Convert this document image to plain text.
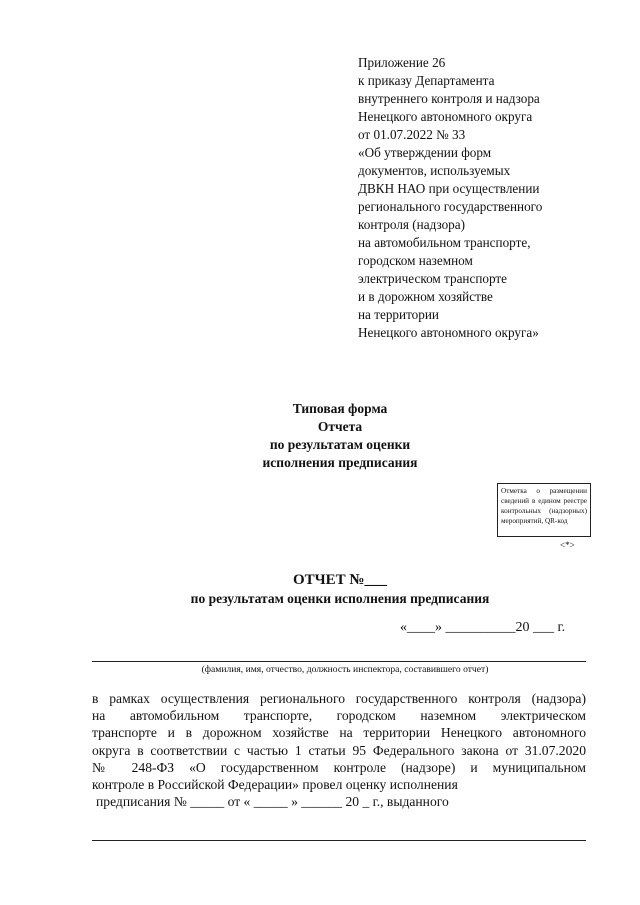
Приложение 26
к приказу Департамента
внутреннего контроля и надзора
Ненецкого автономного округа
от 01.07.2022 № 33
«Об утверждении форм
документов, используемых
ДВКН НАО при осуществлении
регионального государственного
контроля (надзора)
на автомобильном транспорте,
городском наземном
электрическом транспорте
и в дорожном хозяйстве
на территории
Ненецкого автономного округа»
Типовая форма
Отчета
по результатам оценки
исполнения предписания
Отметка о размещении сведений в едином реестре контрольных (надзорных) мероприятий, QR-код
<*>
ОТЧЕТ №___
по результатам оценки исполнения предписания
«____» __________20 ___ г.
(фамилия, имя, отчество, должность инспектора, составившего отчет)
в рамках осуществления регионального государственного контроля (надзора)
на автомобильном транспорте, городском наземном электрическом
транспорте и в дорожном хозяйстве на территории Ненецкого автономного
округа в соответствии с частью 1 статьи 95 Федерального закона от 31.07.2020
№ 248-ФЗ «О государственном контроле (надзоре) и муниципальном
контроле в Российской Федерации» провел оценку исполнения
предписания № _____ от « _____ » ______ 20 _ г., выданного
